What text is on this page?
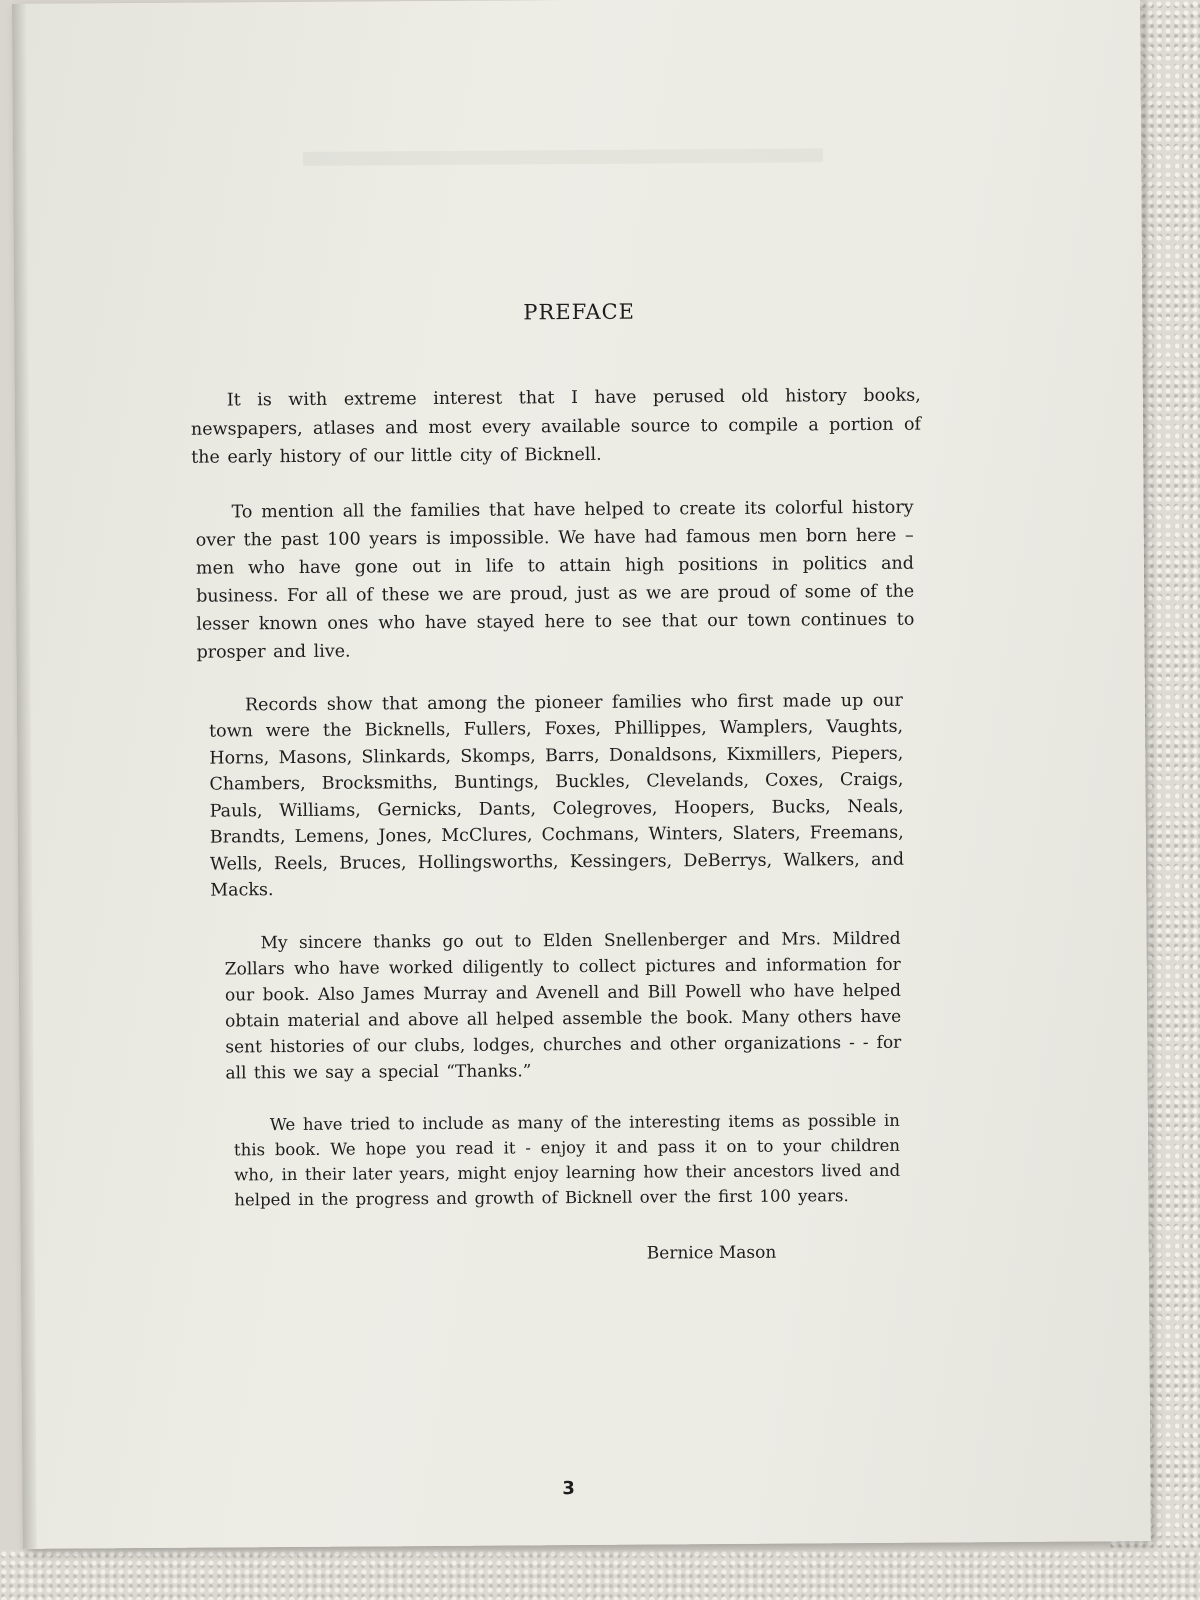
PREFACE

It is with extreme interest that I have perused old history books, newspapers, atlases and most every available source to compile a portion of the early history of our little city of Bicknell.

To mention all the families that have helped to create its colorful history over the past 100 years is impossible. We have had famous men born here – men who have gone out in life to attain high positions in politics and business. For all of these we are proud, just as we are proud of some of the lesser known ones who have stayed here to see that our town continues to prosper and live.

Records show that among the pioneer families who first made up our town were the Bicknells, Fullers, Foxes, Phillippes, Wamplers, Vaughts, Horns, Masons, Slinkards, Skomps, Barrs, Donaldsons, Kixmillers, Piepers, Chambers, Brocksmiths, Buntings, Buckles, Clevelands, Coxes, Craigs, Pauls, Williams, Gernicks, Dants, Colegroves, Hoopers, Bucks, Neals, Brandts, Lemens, Jones, McClures, Cochmans, Winters, Slaters, Freemans, Wells, Reels, Bruces, Hollingsworths, Kessingers, DeBerrys, Walkers, and Macks.

My sincere thanks go out to Elden Snellenberger and Mrs. Mildred Zollars who have worked diligently to collect pictures and information for our book. Also James Murray and Avenell and Bill Powell who have helped obtain material and above all helped assemble the book. Many others have sent histories of our clubs, lodges, churches and other organizations - - for all this we say a special “Thanks.”

We have tried to include as many of the interesting items as possible in this book. We hope you read it - enjoy it and pass it on to your children who, in their later years, might enjoy learning how their ancestors lived and helped in the progress and growth of Bicknell over the first 100 years.

Bernice Mason
3
